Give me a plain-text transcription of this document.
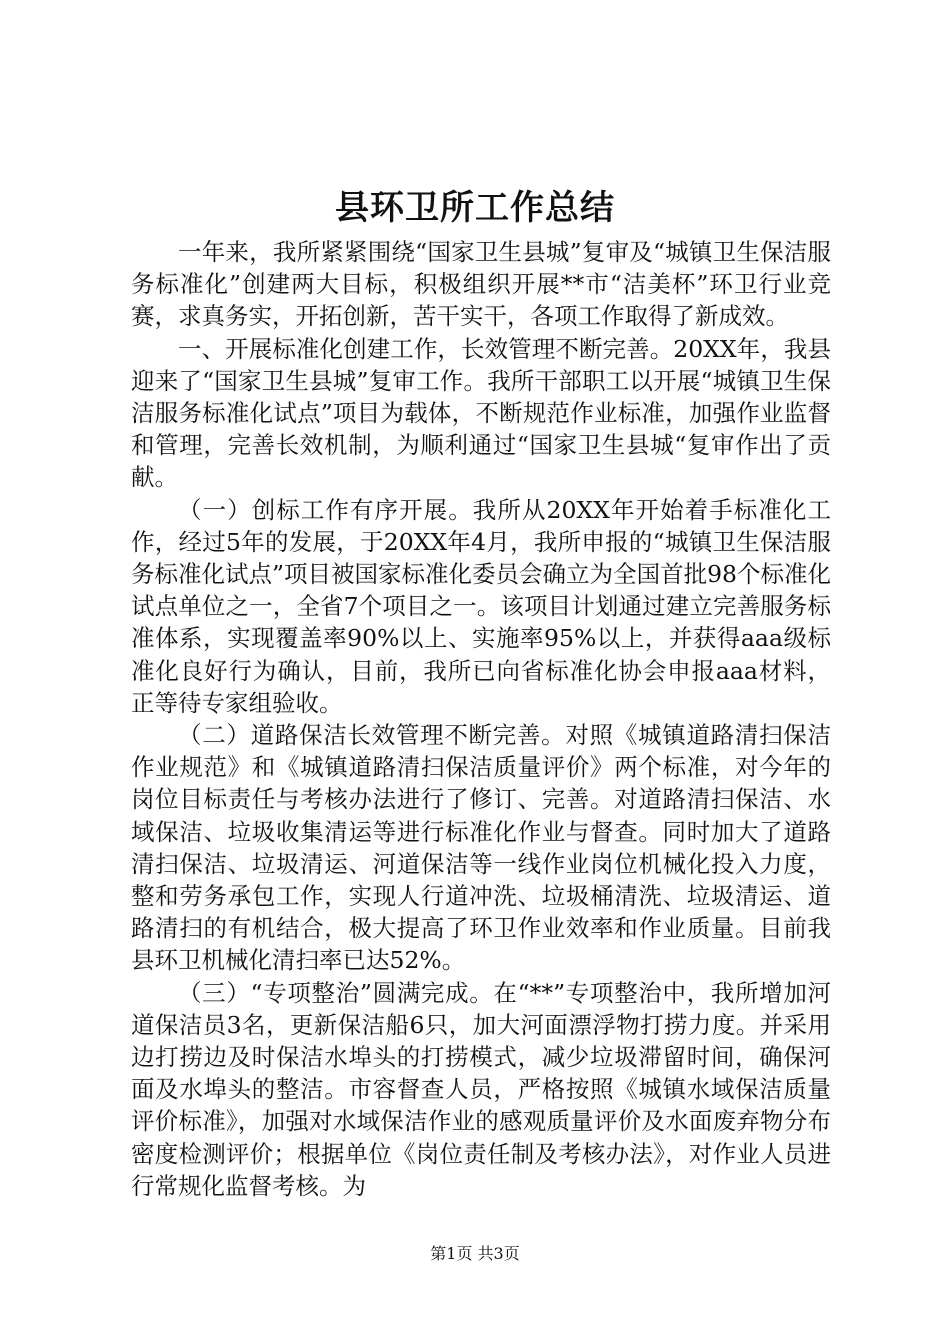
县环卫所工作总结

一年来，我所紧紧围绕“国家卫生县城”复审及“城镇卫生保洁服务标准化”创建两大目标，积极组织开展**市“洁美杯”环卫行业竞赛，求真务实，开拓创新，苦干实干，各项工作取得了新成效。

一、开展标准化创建工作，长效管理不断完善。20XX年，我县迎来了“国家卫生县城”复审工作。我所干部职工以开展“城镇卫生保洁服务标准化试点”项目为载体，不断规范作业标准，加强作业监督和管理，完善长效机制，为顺利通过“国家卫生县城“复审作出了贡献。

（一）创标工作有序开展。我所从20XX年开始着手标准化工作，经过5年的发展，于20XX年4月，我所申报的“城镇卫生保洁服务标准化试点”项目被国家标准化委员会确立为全国首批98个标准化试点单位之一，全省7个项目之一。该项目计划通过建立完善服务标准体系，实现覆盖率90%以上、实施率95%以上，并获得aaa级标准化良好行为确认，目前，我所已向省标准化协会申报aaa材料，正等待专家组验收。

（二）道路保洁长效管理不断完善。对照《城镇道路清扫保洁作业规范》和《城镇道路清扫保洁质量评价》两个标准，对今年的岗位目标责任与考核办法进行了修订、完善。对道路清扫保洁、水域保洁、垃圾收集清运等进行标准化作业与督查。同时加大了道路清扫保洁、垃圾清运、河道保洁等一线作业岗位机械化投入力度，整和劳务承包工作，实现人行道冲洗、垃圾桶清洗、垃圾清运、道路清扫的有机结合，极大提高了环卫作业效率和作业质量。目前我县环卫机械化清扫率已达52%。

（三）“专项整治”圆满完成。在“**”专项整治中，我所增加河道保洁员3名，更新保洁船6只，加大河面漂浮物打捞力度。并采用边打捞边及时保洁水埠头的打捞模式，减少垃圾滞留时间，确保河面及水埠头的整洁。市容督查人员，严格按照《城镇水域保洁质量评价标准》，加强对水域保洁作业的感观质量评价及水面废弃物分布密度检测评价；根据单位《岗位责任制及考核办法》，对作业人员进行常规化监督考核。为

第1页 共3页
